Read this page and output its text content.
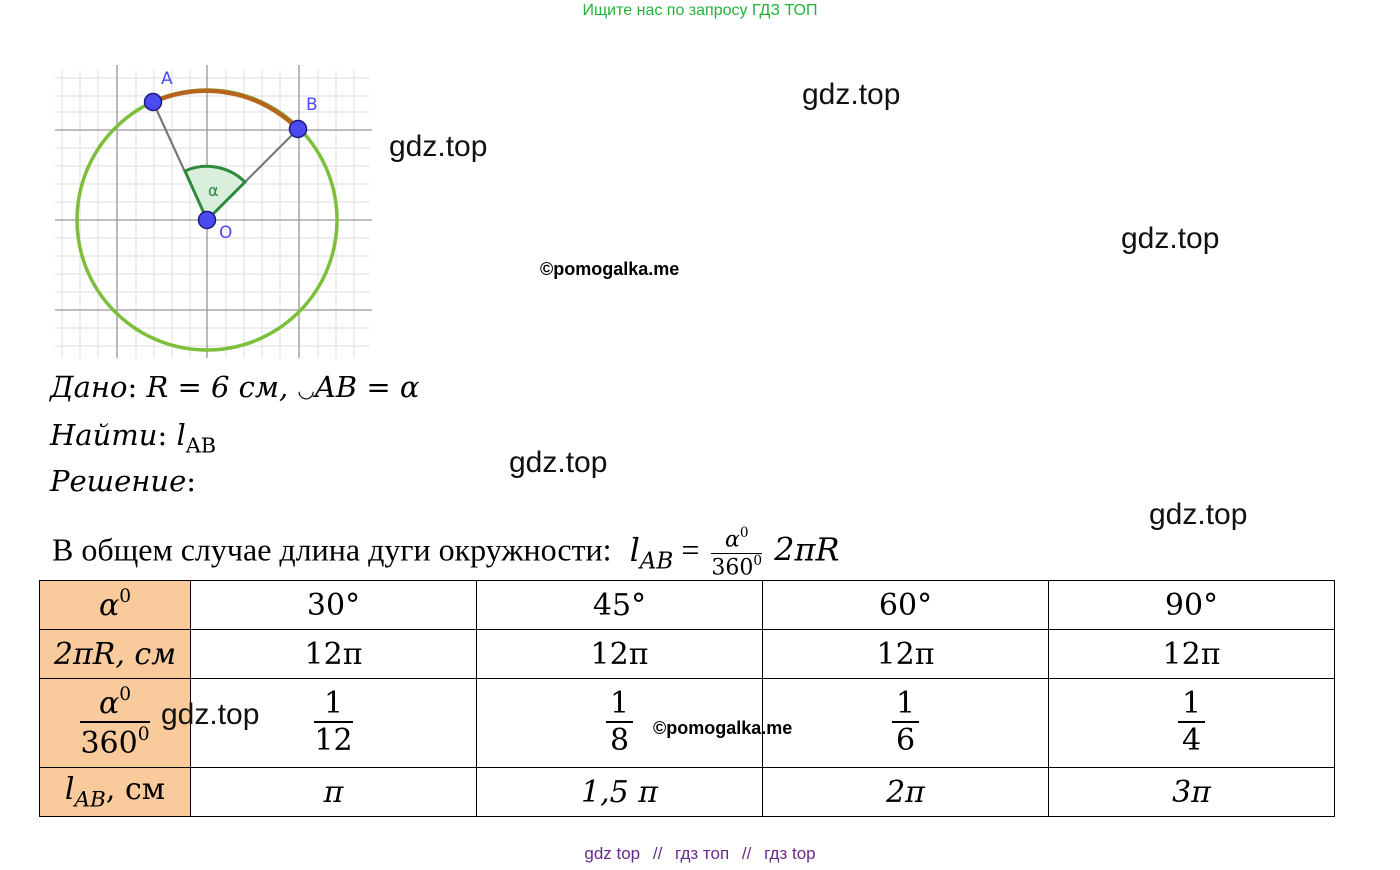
Ищите нас по запросу ГДЗ ТОП
α
A
B
O
gdz.top
gdz.top
gdz.top
gdz.top
gdz.top
©pomogalka.me
Дано: R = 6 см, ◡AB = α
Найти: $l_{AB}$
Решение:
В общем случае длина дуги окружности: $l_{AB} = \frac{\alpha^0}{360^0} 2\pi R$
$\alpha^0$	30°	45°	60°	90°
2πR, см	12π	12π	12π	12π

$\frac{\alpha^0}{360^0}$	$\frac{1}{12}$	$\frac{1}{8}$	$\frac{1}{6}$	$\frac{1}{4}$

$l_{AB}$, см	π	1,5 π	2π	3π
gdz.top	©pomogalka.me
gdz top // гдз топ // гдз top
